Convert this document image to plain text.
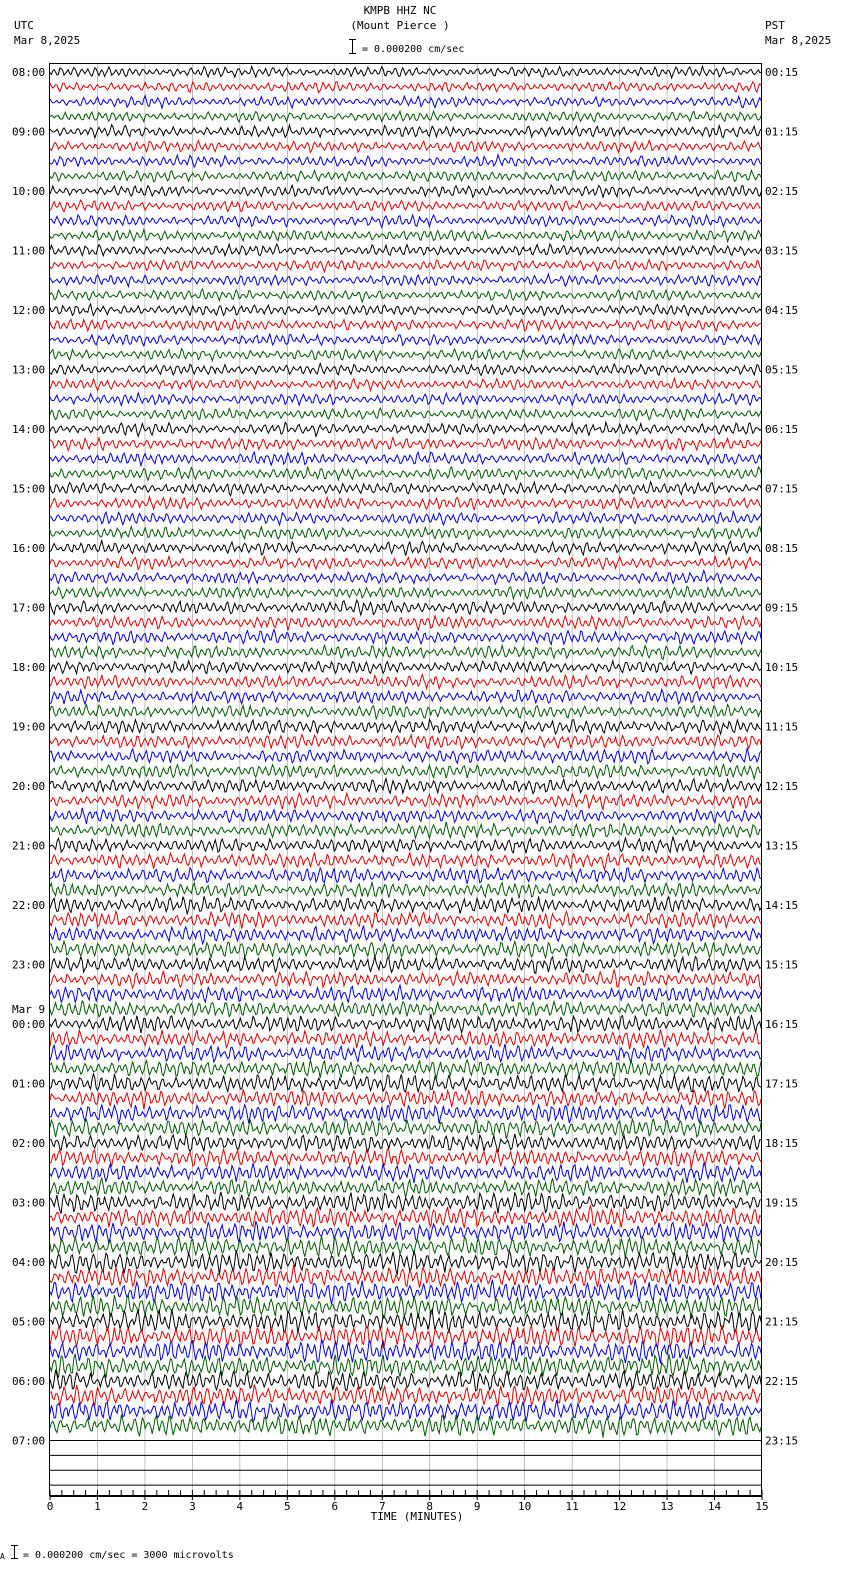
KMPB HHZ NC
(Mount Pierce )
= 0.000200 cm/sec
UTC
Mar 8,2025
PST
Mar 8,2025
08:00
09:00
10:00
11:00
12:00
13:00
14:00
15:00
16:00
17:00
18:00
19:00
20:00
21:00
22:00
23:00
00:00
01:00
02:00
03:00
04:00
05:00
06:00
07:00
Mar 9
00:15
01:15
02:15
03:15
04:15
05:15
06:15
07:15
08:15
09:15
10:15
11:15
12:15
13:15
14:15
15:15
16:15
17:15
18:15
19:15
20:15
21:15
22:15
23:15
0	1	2	3	4	5	6	7	8	9	10	11	12	13	14	15
TIME (MINUTES)
A = 0.000200 cm/sec = 3000 microvolts
